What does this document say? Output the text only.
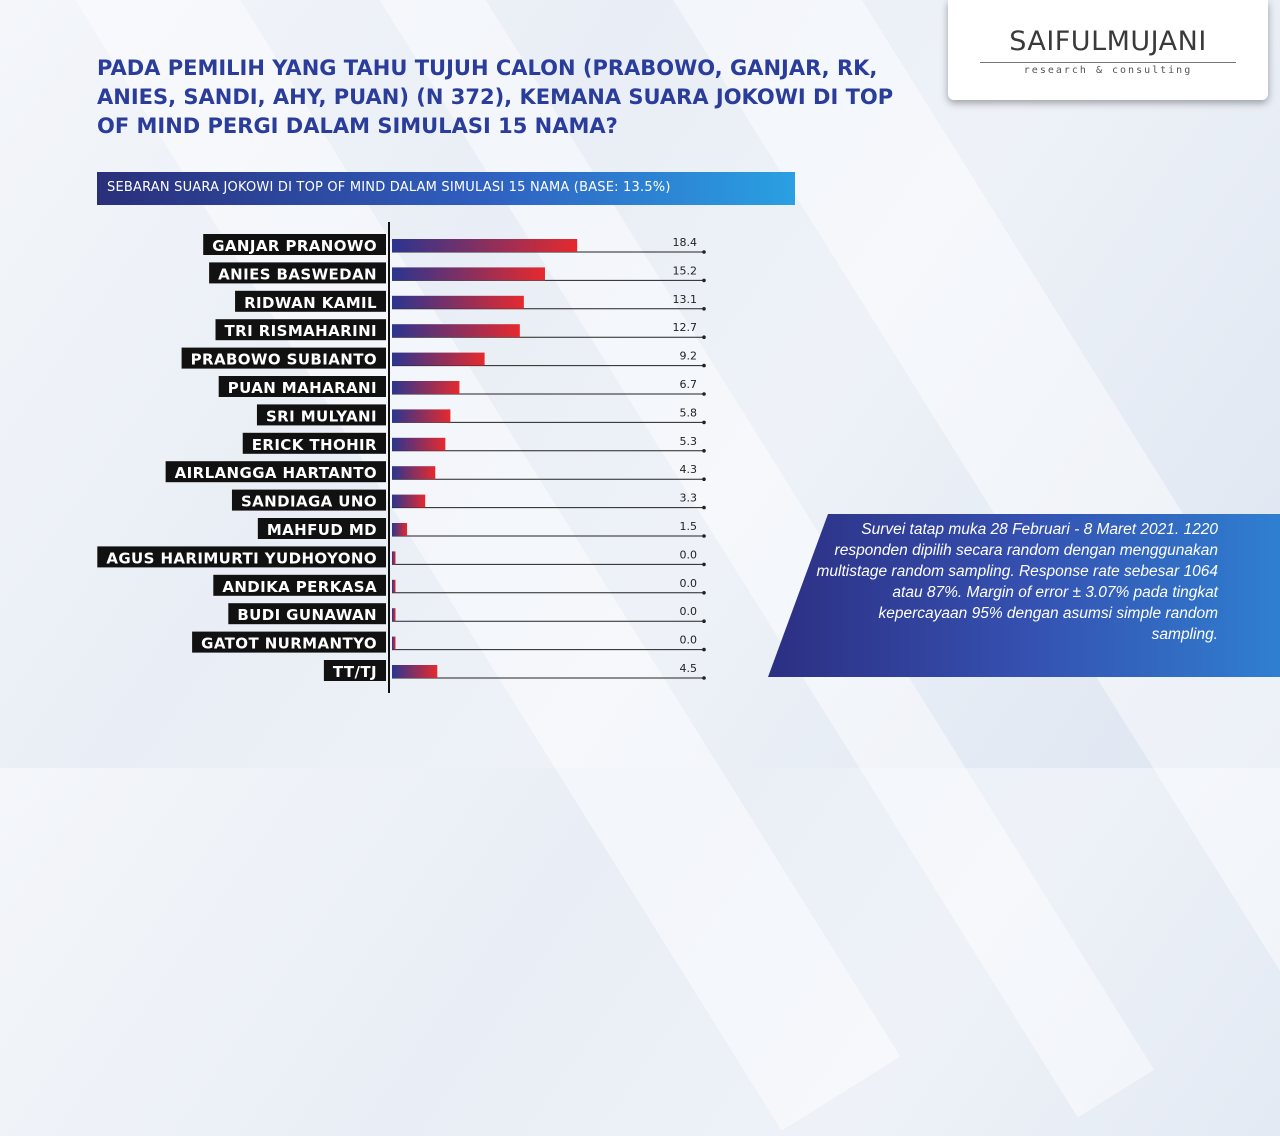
SAIFULMUJANI
research & consulting
PADA PEMILIH YANG TAHU TUJUH CALON (PRABOWO, GANJAR, RK, ANIES, SANDI, AHY, PUAN) (N 372), KEMANA SUARA JOKOWI DI TOP OF MIND PERGI DALAM SIMULASI 15 NAMA?
SEBARAN SUARA JOKOWI DI TOP OF MIND DALAM SIMULASI 15 NAMA (BASE: 13.5%)
GANJAR PRANOWO	18.4
ANIES BASWEDAN	15.2
RIDWAN KAMIL	13.1
TRI RISMAHARINI	12.7
PRABOWO SUBIANTO	9.2
PUAN MAHARANI	6.7
SRI MULYANI	5.8
ERICK THOHIR	5.3
AIRLANGGA HARTANTO	4.3
SANDIAGA UNO	3.3
MAHFUD MD	1.5
AGUS HARIMURTI YUDHOYONO	0.0
ANDIKA PERKASA	0.0
BUDI GUNAWAN	0.0
GATOT NURMANTYO	0.0
TT/TJ	4.5
Survei tatap muka 28 Februari - 8 Maret 2021. 1220 responden dipilih secara random dengan menggunakan multistage random sampling. Response rate sebesar 1064 atau 87%. Margin of error ± 3.07% pada tingkat kepercayaan 95% dengan asumsi simple random sampling.
